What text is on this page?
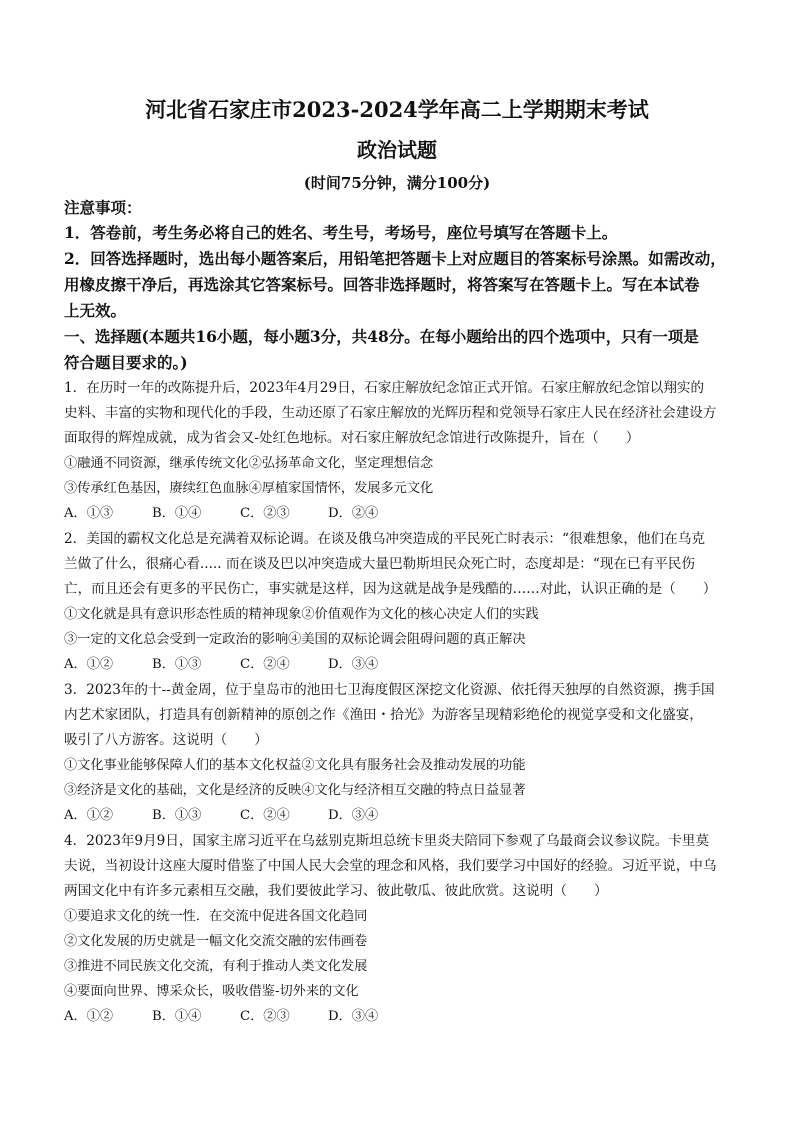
河北省石家庄市2023-2024学年高二上学期期末考试
政治试题
(时间75分钟，满分100分)
注意事项：
1．答卷前，考生务必将自己的姓名、考生号，考场号，座位号填写在答题卡上。
2．回答选择题时，选出每小题答案后，用铅笔把答题卡上对应题目的答案标号涂黑。如需改动，
用橡皮擦干净后，再选涂其它答案标号。回答非选择题时，将答案写在答题卡上。写在本试卷
上无效。
一、选择题(本题共16小题，每小题3分，共48分。在每小题给出的四个选项中，只有一项是
符合题目要求的。)
1．在历时一年的改陈提升后，2023年4月29日，石家庄解放纪念馆正式开馆。石家庄解放纪念馆以翔实的
史料、丰富的实物和现代化的手段，生动还原了石家庄解放的光辉历程和党领导石家庄人民在经济社会建设方
面取得的辉煌成就，成为省会又-处红色地标。对石家庄解放纪念馆进行改陈提升，旨在（　　）
①融通不同资源，继承传统文化②弘扬革命文化，坚定理想信念
③传承红色基因，赓续红色血脉④厚植家国情怀，发展多元文化
A．①③	B．①④	C．②③	D．②④
2．美国的霸权文化总是充满着双标论调。在谈及俄乌冲突造成的平民死亡时表示：“很难想象，他们在乌克
兰做了什么，很痛心看..... 而在谈及巴以冲突造成大量巴勒斯坦民众死亡时，态度却是：“现在已有平民伤
亡，而且还会有更多的平民伤亡，事实就是这样，因为这就是战争是残酷的……对此，认识正确的是（　　）
①文化就是具有意识形态性质的精神现象②价值观作为文化的核心决定人们的实践
③一定的文化总会受到一定政治的影响④美国的双标论调会阻碍问题的真正解决
A．①②	B．①③	C．②④	D．③④
3．2023年的十--黄金周，位于皇岛市的池田七卫海度假区深挖文化资源、依托得天独厚的自然资源，携手国
内艺术家团队，打造具有创新精神的原创之作《渔田・拾光》为游客呈现精彩绝伦的视觉享受和文化盛宴，
吸引了八方游客。这说明（　　）
①文化事业能够保障人们的基本文化权益②文化具有服务社会及推动发展的功能
③经济是文化的基础，文化是经济的反映④文化与经济相互交融的特点日益显著
A．①②	B．①③	C．②④	D．③④
4．2023年9月9日，国家主席习近平在乌兹别克斯坦总统卡里炎夫陪同下参观了乌最商会议参议院。卡里莫
夫说，当初设计这座大厦时借鉴了中国人民大会堂的理念和风格，我们要学习中国好的经验。习近平说，中乌
两国文化中有许多元素相互交融，我们要彼此学习、彼此敬瓜、彼此欣赏。这说明（　　）
①要追求文化的统一性．在交流中促进各国文化趋同
②文化发展的历史就是一幅文化交流交融的宏伟画卷
③推进不同民族文化交流，有利于推动人类文化发展
④要面向世界、博采众长，吸收借鉴-切外来的文化
A．①②	B．①④	C．②③	D．③④
